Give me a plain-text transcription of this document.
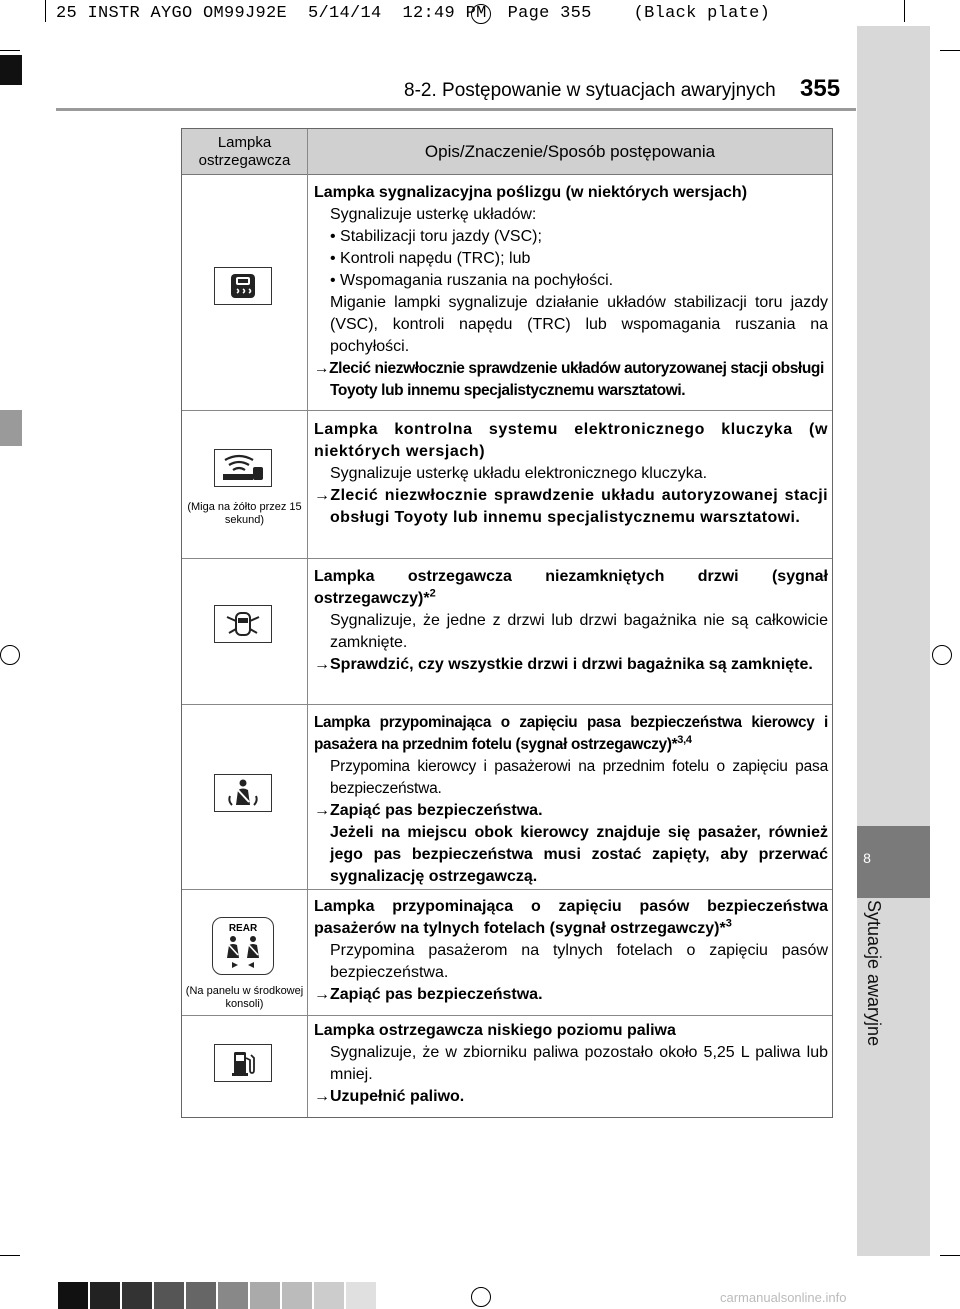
25 INSTR AYGO OM99J92E  5/14/14  12:49 PM  Page 355    (Black plate)
8
Sytuacje awaryjne
8-2. Postępowanie w sytuacjach awaryjnych 355
Lampka ostrzegawcza	Opis/Znaczenie/Sposób postępowania

Lampka sygnalizacyjna poślizgu (w niektórych wersjach)

Sygnalizuje usterkę układów:

• Stabilizacji toru jazdy (VSC);

• Kontroli napędu (TRC); lub

• Wspomagania ruszania na pochyłości.

Miganie lampki sygnalizuje działanie układów stabilizacji toru jazdy (VSC), kontroli napędu (TRC) lub wspomagania ruszania na pochyłości.

→Zlecić niezwłocznie sprawdzenie układów autoryzowanej stacji obsługi Toyoty lub innemu specjalistycznemu warsztatowi.

(Miga na żółto przez 15 sekund)

Lampka kontrolna systemu elektronicznego kluczyka (w niektórych wersjach)

Sygnalizuje usterkę układu elektronicznego kluczyka.

→Zlecić niezwłocznie sprawdzenie układu autoryzowanej stacji obsługi Toyoty lub innemu specjalistycznemu warsztatowi.

Lampka ostrzegawcza niezamkniętych drzwi (sygnał ostrzegawczy)*$^2$

Sygnalizuje, że jedne z drzwi lub drzwi bagażnika nie są całkowicie zamknięte.

→Sprawdzić, czy wszystkie drzwi i drzwi bagażnika są zamknięte.

Lampka przypominająca o zapięciu pasa bezpieczeństwa kierowcy i pasażera na przednim fotelu (sygnał ostrzegawczy)*$^{3,4}$

Przypomina kierowcy i pasażerowi na przednim fotelu o zapięciu pasa bezpieczeństwa.

→Zapiąć pas bezpieczeństwa.

Jeżeli na miejscu obok kierowcy znajduje się pasażer, również jego pas bezpieczeństwa musi zostać zapięty, aby przerwać sygnalizację ostrzegawczą.

REAR
(Na panelu w środkowej konsoli)

Lampka przypominająca o zapięciu pasów bezpieczeństwa pasażerów na tylnych fotelach (sygnał ostrzegawczy)*$^3$

Przypomina pasażerom na tylnych fotelach o zapięciu pasów bezpieczeństwa.

→Zapiąć pas bezpieczeństwa.

Lampka ostrzegawcza niskiego poziomu paliwa

Sygnalizuje, że w zbiorniku paliwa pozostało około 5,25 L paliwa lub mniej.

→Uzupełnić paliwo.

carmanualsonline.info
